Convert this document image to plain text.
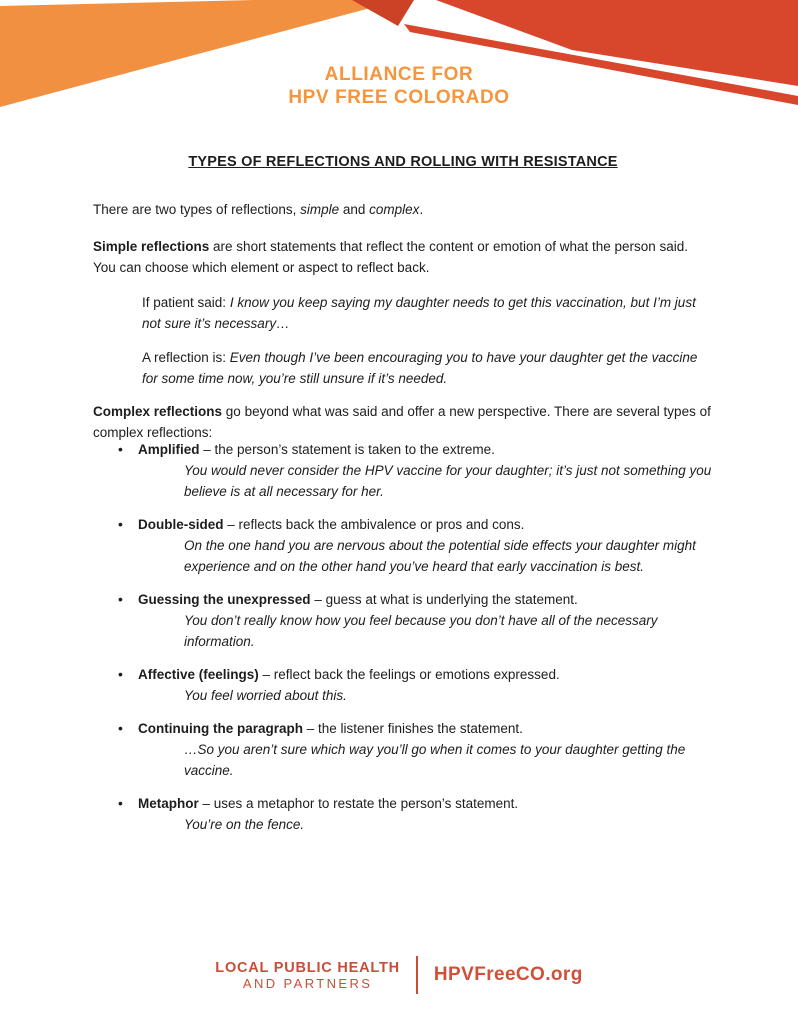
ALLIANCE FOR
HPV FREE COLORADO
TYPES OF REFLECTIONS AND ROLLING WITH RESISTANCE

There are two types of reflections, simple and complex.

Simple reflections are short statements that reflect the content or emotion of what the person said. You can choose which element or aspect to reflect back.

If patient said: I know you keep saying my daughter needs to get this vaccination, but I’m just not sure it’s necessary…

A reflection is: Even though I’ve been encouraging you to have your daughter get the vaccine for some time now, you’re still unsure if it’s needed.

Complex reflections go beyond what was said and offer a new perspective. There are several types of complex reflections:

• Amplified – the person’s statement is taken to the extreme.
You would never consider the HPV vaccine for your daughter; it’s just not something you believe is at all necessary for her.
• Double-sided – reflects back the ambivalence or pros and cons.
On the one hand you are nervous about the potential side effects your daughter might experience and on the other hand you’ve heard that early vaccination is best.
• Guessing the unexpressed – guess at what is underlying the statement.
You don’t really know how you feel because you don’t have all of the necessary information.
• Affective (feelings) – reflect back the feelings or emotions expressed.
You feel worried about this.
• Continuing the paragraph – the listener finishes the statement.
…So you aren’t sure which way you’ll go when it comes to your daughter getting the vaccine.
• Metaphor – uses a metaphor to restate the person’s statement.
You’re on the fence.
LOCAL PUBLIC HEALTH
AND PARTNERS	HPVFreeCO.org
